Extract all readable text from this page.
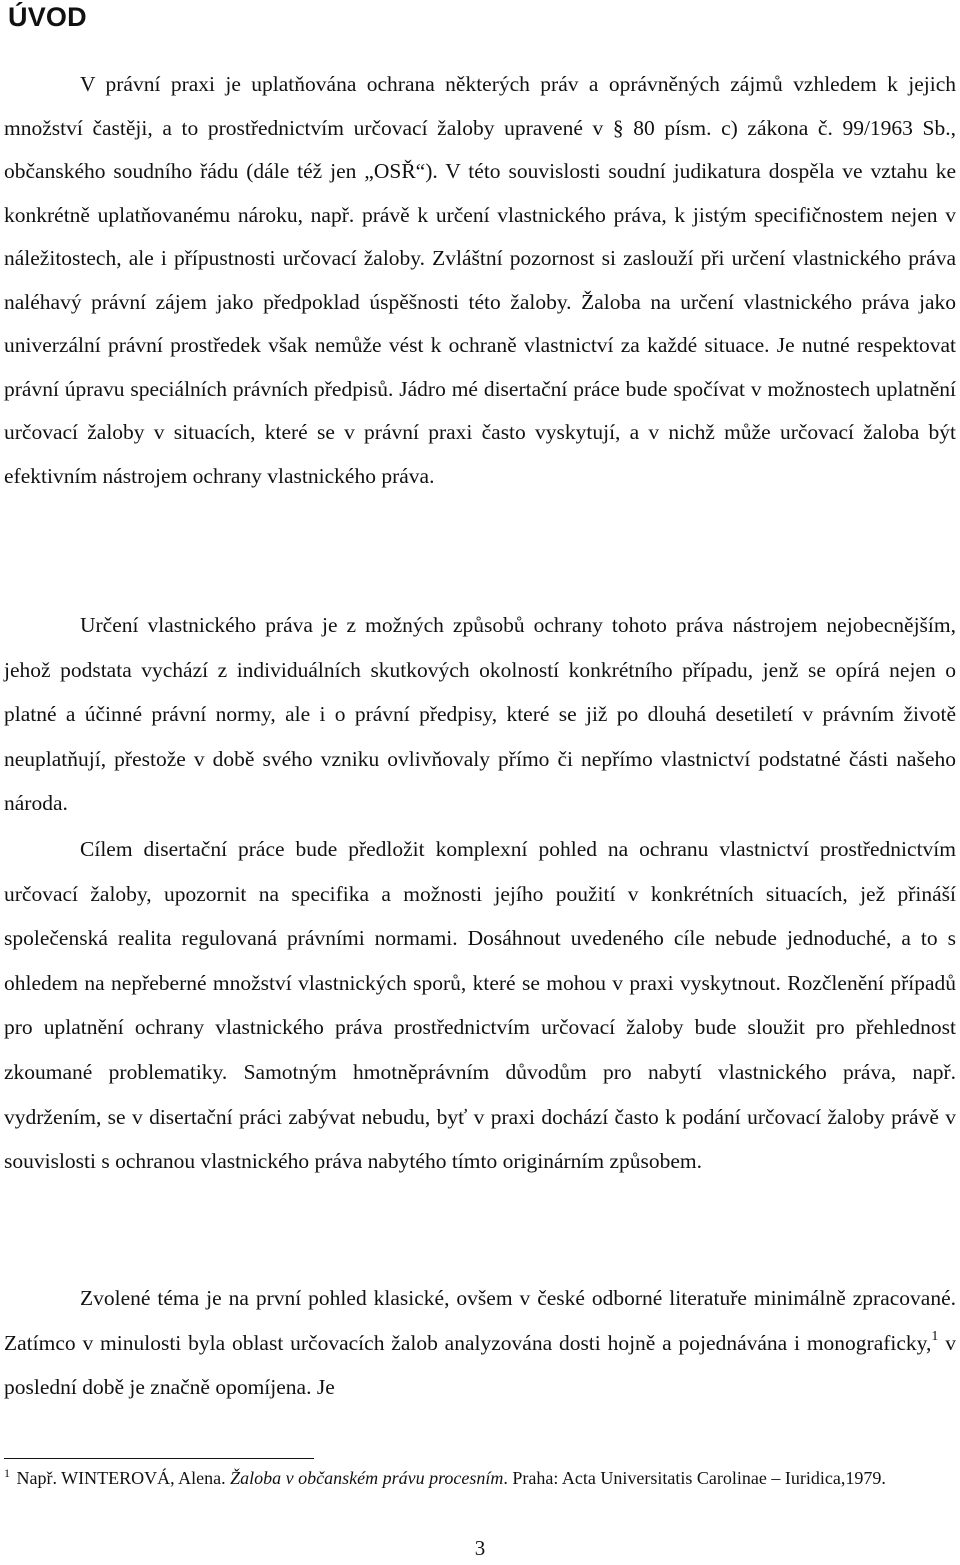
ÚVOD

V právní praxi je uplatňována ochrana některých práv a oprávněných zájmů vzhledem k jejich množství častěji, a to prostřednictvím určovací žaloby upravené v § 80 písm. c) zákona č. 99/1963 Sb., občanského soudního řádu (dále též jen „OSŘ“). V této souvislosti soudní judikatura dospěla ve vztahu ke konkrétně uplatňovanému nároku, např. právě k určení vlastnického práva, k jistým specifičnostem nejen v náležitostech, ale i přípustnosti určovací žaloby. Zvláštní pozornost si zaslouží při určení vlastnického práva naléhavý právní zájem jako předpoklad úspěšnosti této žaloby. Žaloba na určení vlastnického práva jako univerzální právní prostředek však nemůže vést k ochraně vlastnictví za každé situace. Je nutné respektovat právní úpravu speciálních právních předpisů. Jádro mé disertační práce bude spočívat v možnostech uplatnění určovací žaloby v situacích, které se v právní praxi často vyskytují, a v nichž může určovací žaloba být efektivním nástrojem ochrany vlastnického práva.

Určení vlastnického práva je z možných způsobů ochrany tohoto práva nástrojem nejobecnějším, jehož podstata vychází z individuálních skutkových okolností konkrétního případu, jenž se opírá nejen o platné a účinné právní normy, ale i o právní předpisy, které se již po dlouhá desetiletí v právním životě neuplatňují, přestože v době svého vzniku ovlivňovaly přímo či nepřímo vlastnictví podstatné části našeho národa.

Cílem disertační práce bude předložit komplexní pohled na ochranu vlastnictví prostřednictvím určovací žaloby, upozornit na specifika a možnosti jejího použití v konkrétních situacích, jež přináší společenská realita regulovaná právními normami. Dosáhnout uvedeného cíle nebude jednoduché, a to s ohledem na nepřeberné množství vlastnických sporů, které se mohou v praxi vyskytnout. Rozčlenění případů pro uplatnění ochrany vlastnického práva prostřednictvím určovací žaloby bude sloužit pro přehlednost zkoumané problematiky. Samotným hmotněprávním důvodům pro nabytí vlastnického práva, např. vydržením, se v disertační práci zabývat nebudu, byť v praxi dochází často k podání určovací žaloby právě v souvislosti s ochranou vlastnického práva nabytého tímto originárním způsobem.

Zvolené téma je na první pohled klasické, ovšem v české odborné literatuře minimálně zpracované. Zatímco v minulosti byla oblast určovacích žalob analyzována dosti hojně a pojednávána i monograficky,$^1$ v poslední době je značně opomíjena. Je

$^1$ Např. WINTEROVÁ, Alena. Žaloba v občanském právu procesním. Praha: Acta Universitatis Carolinae – Iuridica,1979.

3
